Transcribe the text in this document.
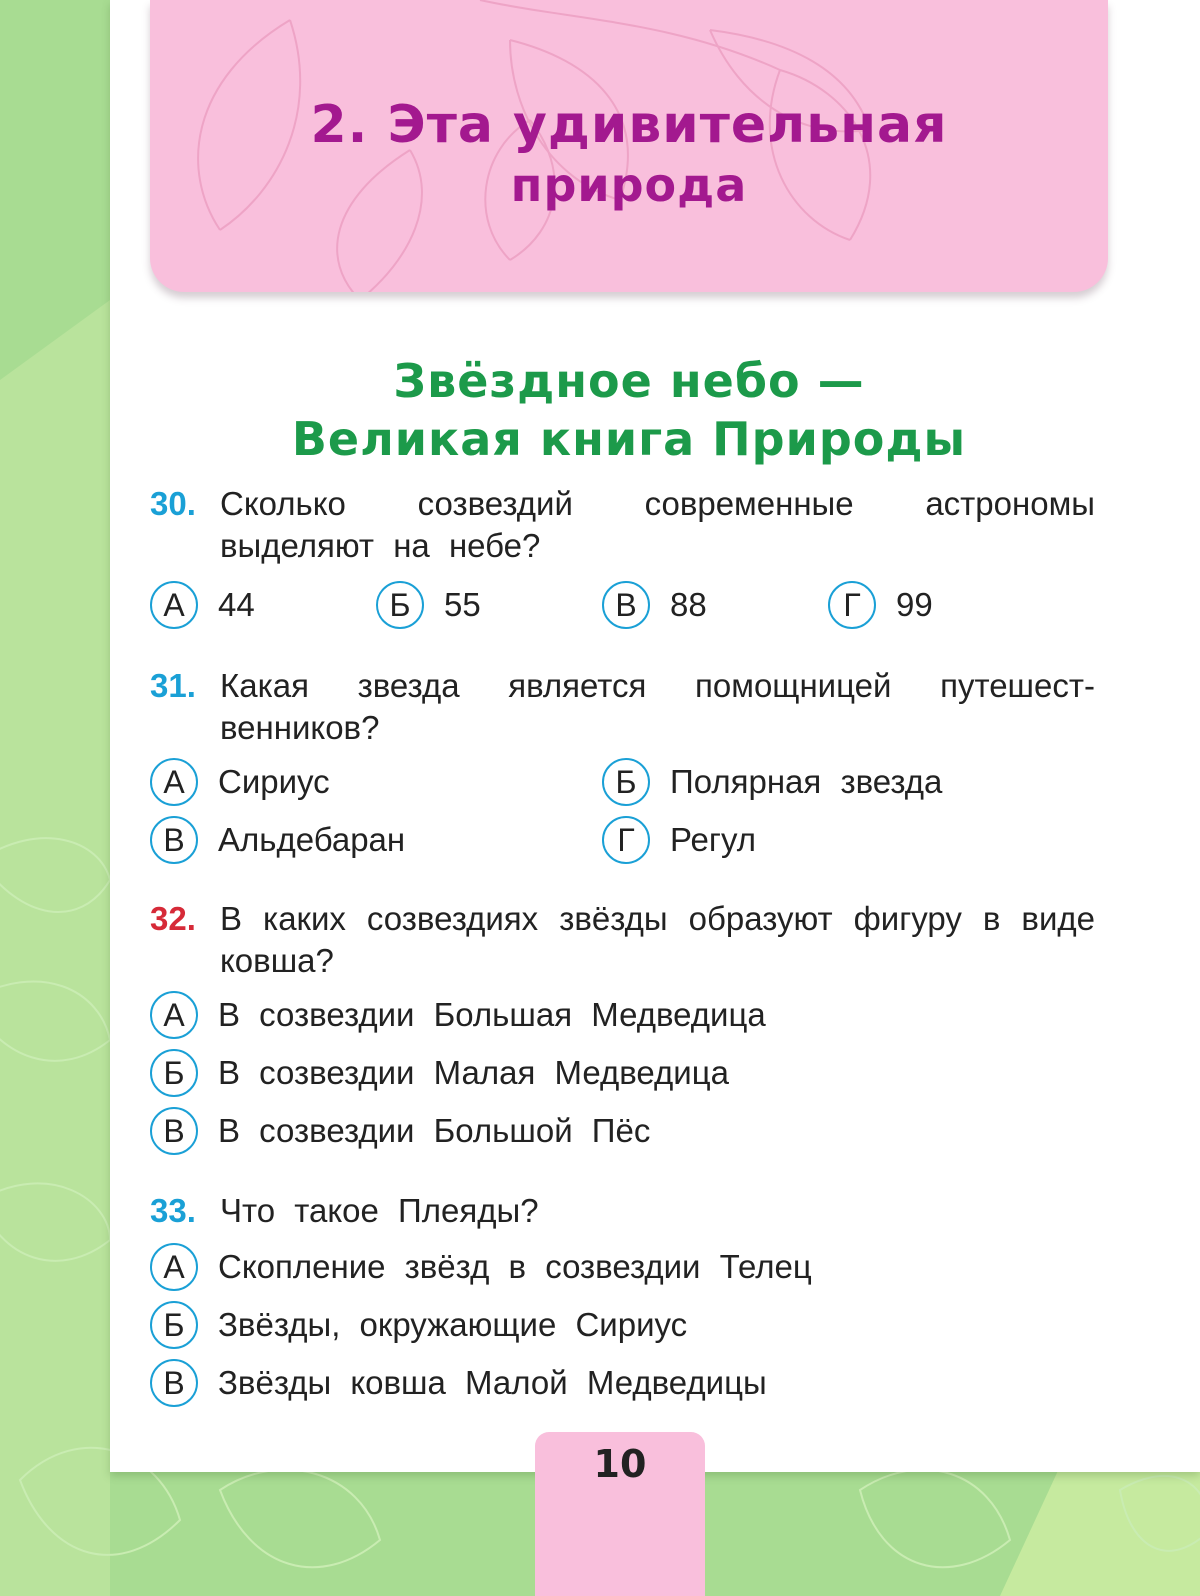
2. Эта удивительная
природа
Звёздное небо —
Великая книга Природы
30. Сколько созвездий современные астрономы выделяют на небе?
А	44	Б	55	В	88	Г	99
31. Какая звезда является помощницей путешест-венников?
А	Сириус	Б	Полярная звезда
В	Альдебаран	Г	Регул
32. В каких созвездиях звёзды образуют фигуру в виде ковша?
А	В созвездии Большая Медведица
Б	В созвездии Малая Медведица
В	В созвездии Большой Пёс
33. Что такое Плеяды?
А	Скопление звёзд в созвездии Телец
Б	Звёзды, окружающие Сириус
В	Звёзды ковша Малой Медведицы
10
